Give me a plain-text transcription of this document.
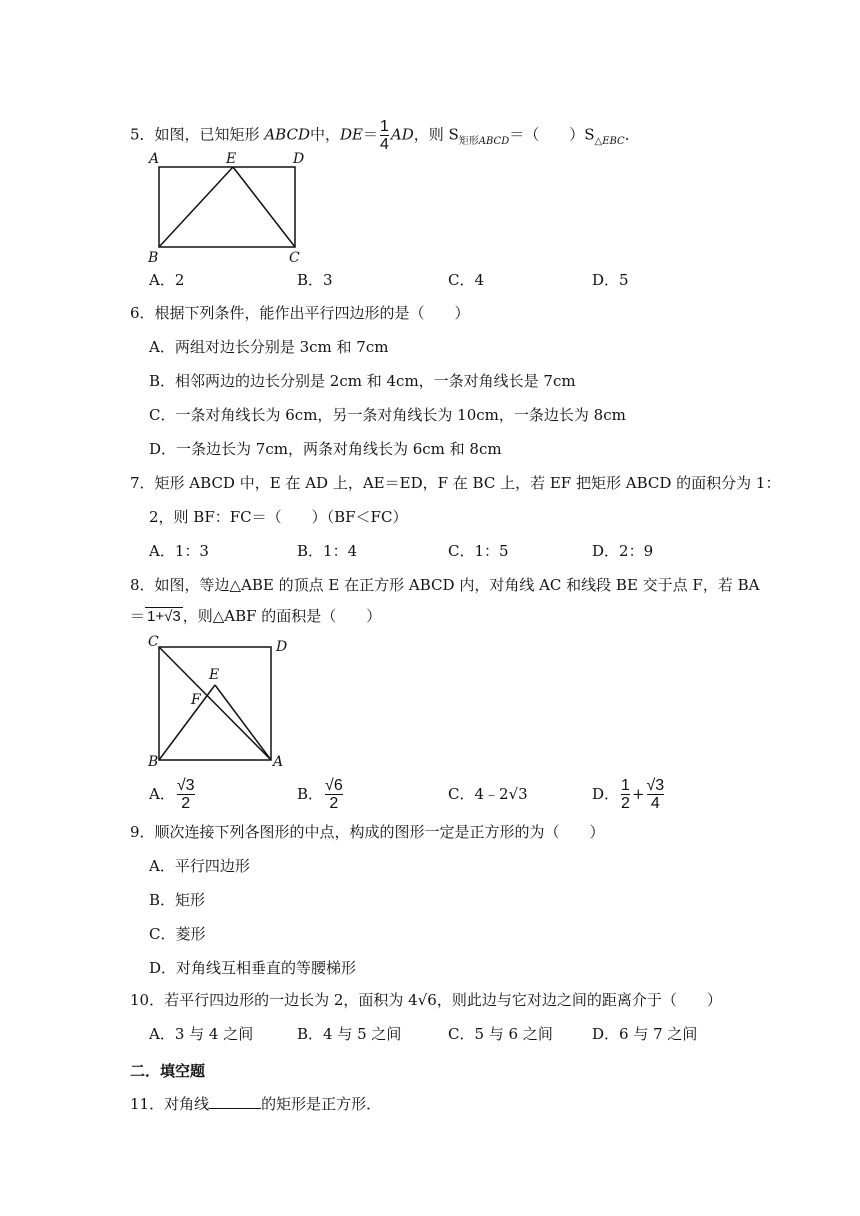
5．如图，已知矩形 ABCD中，$DE= \frac{1}{4}$ AD，则 $S_{矩形ABCD}=$（　　）$S_{\triangle EBC}$．
A	E	D
B	C
A．2	B．3	C．4	D．5
6．根据下列条件，能作出平行四边形的是（　　）
A．两组对边长分别是 3cm 和 7cm
B．相邻两边的边长分别是 2cm 和 4cm，一条对角线长是 7cm
C．一条对角线长为 6cm，另一条对角线长为 10cm，一条边长为 8cm
D．一条边长为 7cm，两条对角线长为 6cm 和 8cm
7．矩形 ABCD 中，E 在 AD 上，AE＝ED，F 在 BC 上，若 EF 把矩形 ABCD 的面积分为 1：
2，则 BF：FC＝（　　）（BF＜FC）
A．1：3	B．1：4	C．1：5	D．2：9
8．如图，等边△ABE 的顶点 E 在正方形 ABCD 内，对角线 AC 和线段 BE 交于点 F，若 BA
＝ 1+√3 ，则△ABF 的面积是（　　）
C	D
E
F
B	A
A． $\frac{√3}{2}$	B． $\frac{√6}{2}$	C．4﹣2√3	D． $\frac{1}{2} + \frac{√3}{4}$
9．顺次连接下列各图形的中点，构成的图形一定是正方形的为（　　）
A．平行四边形
B．矩形
C．菱形
D．对角线互相垂直的等腰梯形
10．若平行四边形的一边长为 2，面积为 4√6，则此边与它对边之间的距离介于（　　）
A．3 与 4 之间	B．4 与 5 之间	C．5 与 6 之间	D．6 与 7 之间
二．填空题
11．对角线	的矩形是正方形．
